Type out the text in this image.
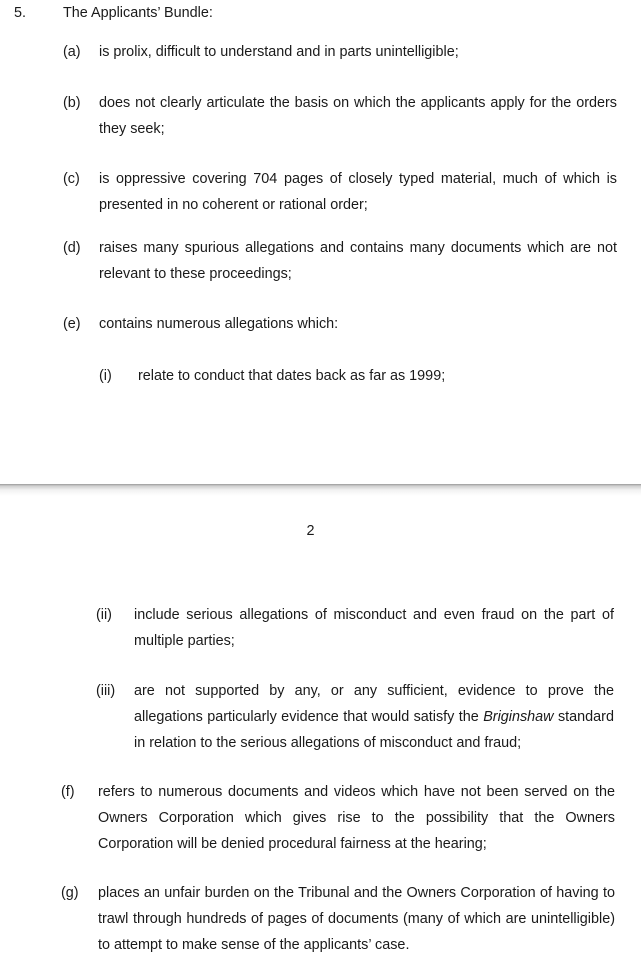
5.	The Applicants’ Bundle:
(a) is prolix, difficult to understand and in parts unintelligible;
(b) does not clearly articulate the basis on which the applicants apply for the orders they seek;
(c) is oppressive covering 704 pages of closely typed material, much of which is presented in no coherent or rational order;
(d) raises many spurious allegations and contains many documents which are not relevant to these proceedings;
(e) contains numerous allegations which:
(i) relate to conduct that dates back as far as 1999;
2
(ii) include serious allegations of misconduct and even fraud on the part of multiple parties;
(iii) are not supported by any, or any sufficient, evidence to prove the allegations particularly evidence that would satisfy the Briginshaw standard in relation to the serious allegations of misconduct and fraud;
(f) refers to numerous documents and videos which have not been served on the Owners Corporation which gives rise to the possibility that the Owners Corporation will be denied procedural fairness at the hearing;
(g) places an unfair burden on the Tribunal and the Owners Corporation of having to trawl through hundreds of pages of documents (many of which are unintelligible) to attempt to make sense of the applicants’ case.
